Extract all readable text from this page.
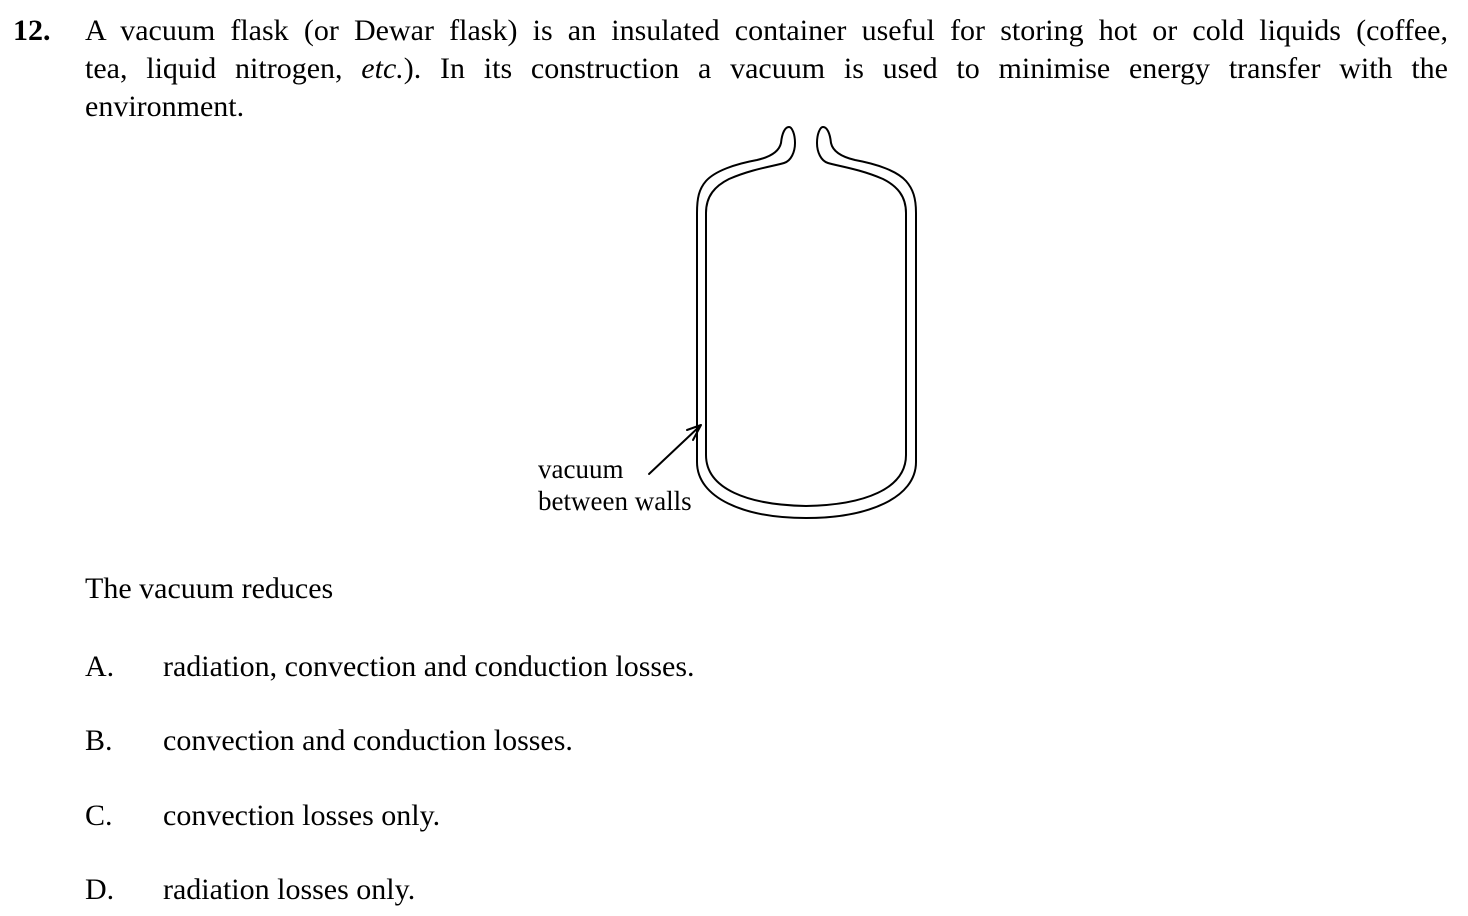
12. A vacuum flask (or Dewar flask) is an insulated container useful for storing hot or cold liquids (coffee,
tea, liquid nitrogen, etc.). In its construction a vacuum is used to minimise energy transfer with the
environment.
vacuum
between walls
The vacuum reduces
A. radiation, convection and conduction losses.
B. convection and conduction losses.
C. convection losses only.
D. radiation losses only.
